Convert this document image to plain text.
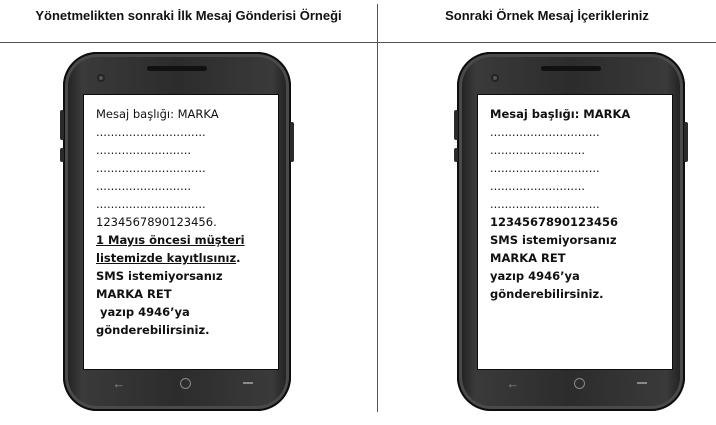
Yönetmelikten sonraki İlk Mesaj Gönderisi Örneği	Sonraki Örnek Mesaj İçerikleriniz
Mesaj başlığı: MARKA
..............................
..........................
..............................
..........................
..............................
1234567890123456.
1 Mayıs öncesi müşteri
listemizde kayıtlısınız.
SMS istemiyorsanız
MARKA RET
yazıp 4946’ya
gönderebilirsiniz.
←
Mesaj başlığı: MARKA
..............................
..........................
..............................
..........................
..............................
1234567890123456
SMS istemiyorsanız
MARKA RET
yazıp 4946’ya
gönderebilirsiniz.
←
